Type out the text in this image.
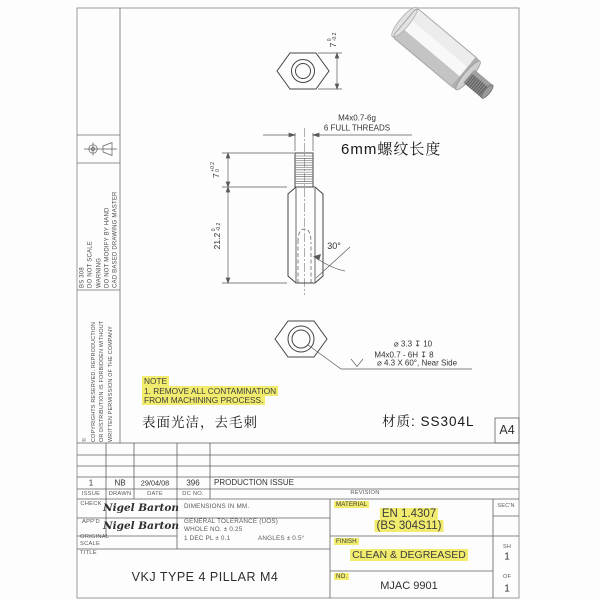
BS 308 DO NOT SCALE WARNING DO NOT MODIFY BY HAND CAD BASED DRAWING MASTER
© COPYRIGHTS RESERVED. REPRODUCTION OR DISTRIBUTION IS FORBIDDEN WITHOUT WRITTEN PERMISSION OF THE COMPANY
M4x0.7-6g
6 FULL THREADS
6mm螺纹长度
7
0 -0.2
7
+0.2 0
21.2
0 -0.2
30°
⌀ 3.3 ↧ 10
M4x0.7 - 6H ↧ 8
⌀ 4.3 X 60°, Near Side
NOTE
1. REMOVE ALL CONTAMINATION
FROM MACHINING PROCESS.
表面光洁，去毛刺	材质: SS304L
A4
1	NB 29/04/08 396 PRODUCTION ISSUE
ISSUE DRAWN	DATE	DC NO.	REVISION
CHECK Nigel Barton DIMENSIONS IN MM.
APP'D Nigel Barton GENERAL TOLERANCE (UOS)
WHOLE NO. ± 0.25
1 DEC PL ± 0.1	ANGLES ± 0.5°
ORIGINAL
SCALE
TITLE
VKJ TYPE 4 PILLAR M4
MATERIAL
EN 1.4307
(BS 304S11)
FINISH
CLEAN & DEGREASED
NO.
MJAC 9901
SEC'N
SH
1
OF
1
